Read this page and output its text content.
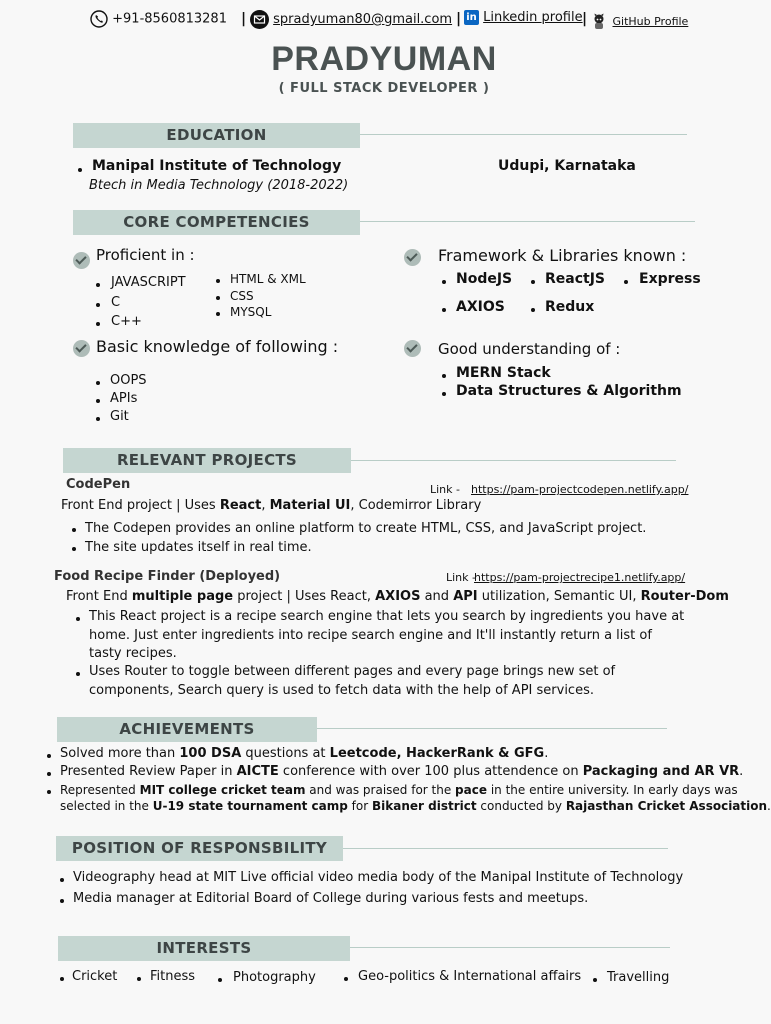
+91-8560813281 |	spradyuman80@gmail.com | in Linkedin profile |	GitHub Profile
PRADYUMAN
( FULL STACK DEVELOPER )
EDUCATION
Manipal Institute of Technology	Udupi, Karnataka
Btech in Media Technology (2018-2022)
CORE COMPETENCIES
Proficient in :	Framework & Libraries known :
NodeJS ReactJS Express
AXIOS	Redux
Basic knowledge of following :
OOPS
APIs
Git
Good understanding of :
MERN Stack
Data Structures & Algorithm
RELEVANT PROJECTS
CodePen	Link - https://pam-projectcodepen.netlify.app/
Front End project | Uses React, Material UI, Codemirror Library
The Codepen provides an online platform to create HTML, CSS, and JavaScript project.
The site updates itself in real time.
Food Recipe Finder (Deployed)	Link -
https://pam-projectrecipe1.netlify.app/
Front End multiple page project | Uses React, AXIOS and API utilization, Semantic UI, Router-Dom
This React project is a recipe search engine that lets you search by ingredients you have at
home. Just enter ingredients into recipe search engine and It'll instantly return a list of
tasty recipes.
Uses Router to toggle between different pages and every page brings new set of
components, Search query is used to fetch data with the help of API services.
ACHIEVEMENTS
Solved more than 100 DSA questions at Leetcode, HackerRank & GFG.
Presented Review Paper in AICTE conference with over 100 plus attendence on Packaging and AR VR.
Represented MIT college cricket team and was praised for the pace in the entire university. In early days was
selected in the U-19 state tournament camp for Bikaner district conducted by Rajasthan Cricket Association.
POSITION OF RESPONSBILITY
Videography head at MIT Live official video media body of the Manipal Institute of Technology
Media manager at Editorial Board of College during various fests and meetups.
INTERESTS
Cricket	Fitness	Photography	Geo-politics & International affairs Travelling
JAVASCRIPT
C
C++
HTML & XML
CSS
MYSQL
